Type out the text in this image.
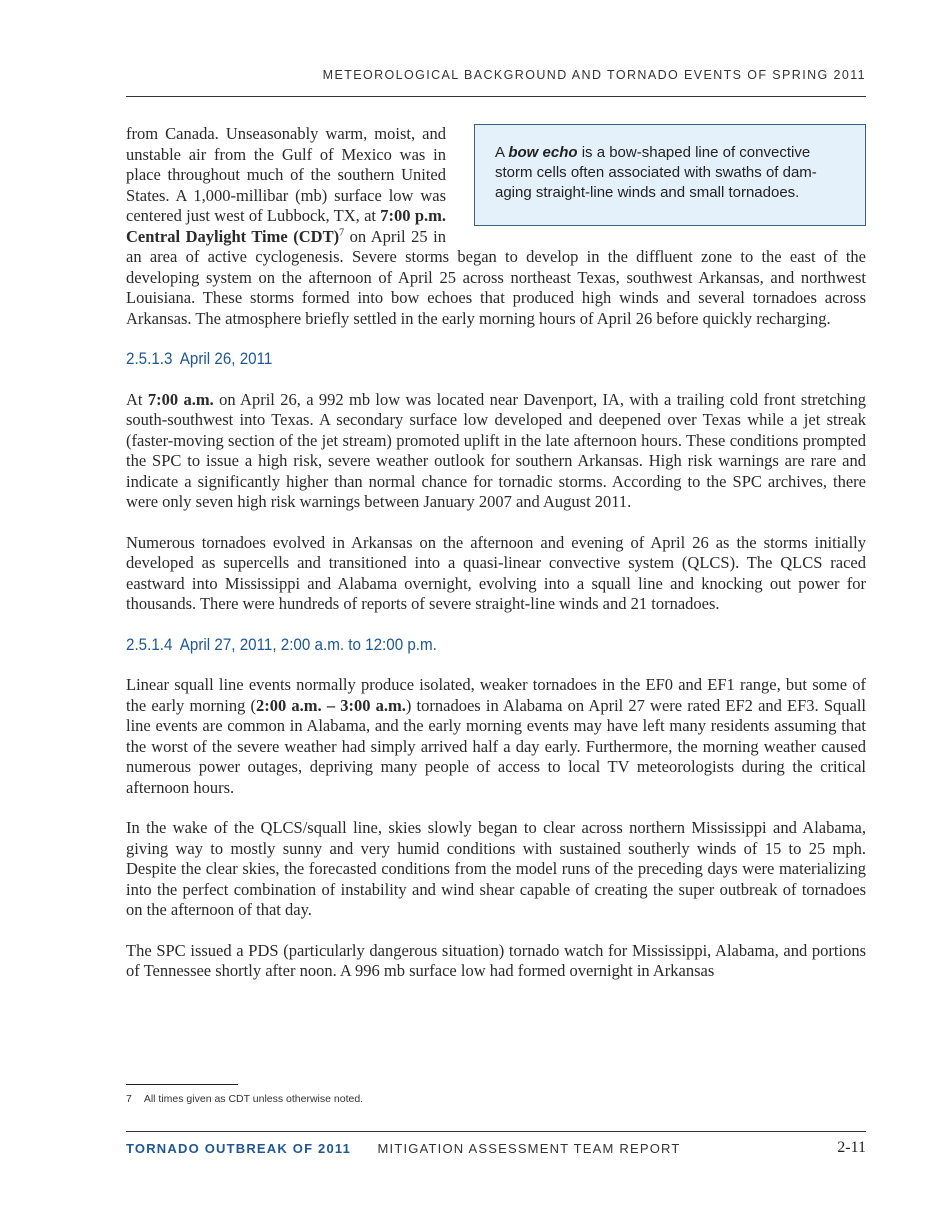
METEOROLOGICAL BACKGROUND AND TORNADO EVENTS OF SPRING 2011
A bow echo is a bow-shaped line of convective storm cells often associated with swaths of dam-aging straight-line winds and small tornadoes.

from Canada. Unseasonably warm, moist, and unstable air from the Gulf of Mexico was in place throughout much of the southern United States. A 1,000-millibar (mb) surface low was centered just west of Lubbock, TX, at 7:00 p.m. Central Daylight Time (CDT)$^7$ on April 25 in an area of active cyclogenesis. Severe storms began to develop in the diffluent zone to the east of the developing system on the afternoon of April 25 across northeast Texas, southwest Arkansas, and northwest Louisiana. These storms formed into bow echoes that produced high winds and several tornadoes across Arkansas. The atmosphere briefly settled in the early morning hours of April 26 before quickly recharging.

2.5.1.3 April 26, 2011

At 7:00 a.m. on April 26, a 992 mb low was located near Davenport, IA, with a trailing cold front stretching south-southwest into Texas. A secondary surface low developed and deepened over Texas while a jet streak (faster-moving section of the jet stream) promoted uplift in the late afternoon hours. These conditions prompted the SPC to issue a high risk, severe weather outlook for southern Arkansas. High risk warnings are rare and indicate a significantly higher than normal chance for tornadic storms. According to the SPC archives, there were only seven high risk warnings between January 2007 and August 2011.

Numerous tornadoes evolved in Arkansas on the afternoon and evening of April 26 as the storms initially developed as supercells and transitioned into a quasi-linear convective system (QLCS). The QLCS raced eastward into Mississippi and Alabama overnight, evolving into a squall line and knocking out power for thousands. There were hundreds of reports of severe straight-line winds and 21 tornadoes.

2.5.1.4 April 27, 2011, 2:00 a.m. to 12:00 p.m.

Linear squall line events normally produce isolated, weaker tornadoes in the EF0 and EF1 range, but some of the early morning (2:00 a.m. – 3:00 a.m.) tornadoes in Alabama on April 27 were rated EF2 and EF3. Squall line events are common in Alabama, and the early morning events may have left many residents assuming that the worst of the severe weather had simply arrived half a day early. Furthermore, the morning weather caused numerous power outages, depriving many people of access to local TV meteorologists during the critical afternoon hours.

In the wake of the QLCS/squall line, skies slowly began to clear across northern Mississippi and Alabama, giving way to mostly sunny and very humid conditions with sustained southerly winds of 15 to 25 mph. Despite the clear skies, the forecasted conditions from the model runs of the preceding days were materializing into the perfect combination of instability and wind shear capable of creating the super outbreak of tornadoes on the afternoon of that day.

The SPC issued a PDS (particularly dangerous situation) tornado watch for Mississippi, Alabama, and portions of Tennessee shortly after noon. A 996 mb surface low had formed overnight in Arkansas

7 All times given as CDT unless otherwise noted.
TORNADO OUTBREAK OF 2011 MITIGATION ASSESSMENT TEAM REPORT	2-11
